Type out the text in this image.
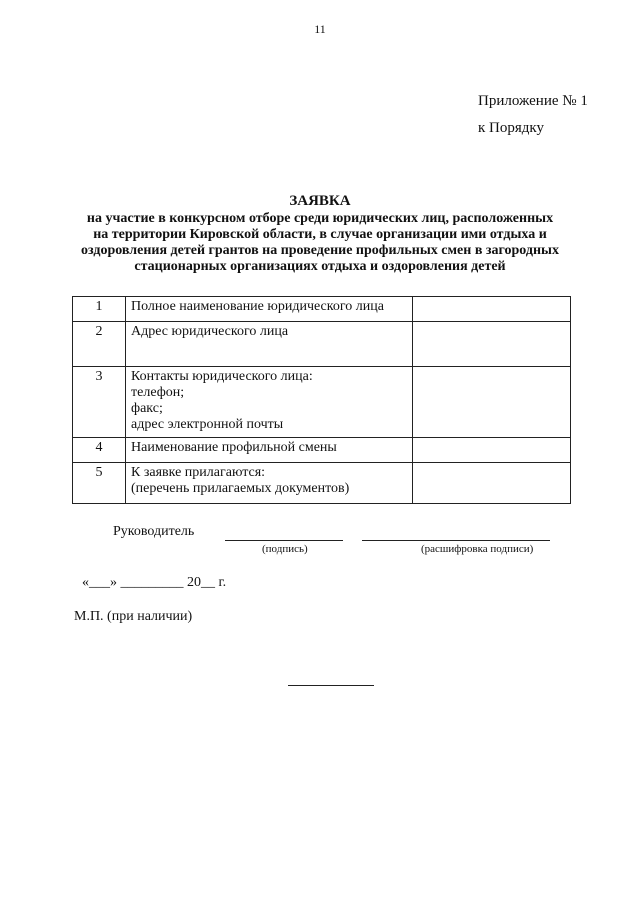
11
Приложение № 1
к Порядку
ЗАЯВКА
на участие в конкурсном отборе среди юридических лиц, расположенных
на территории Кировской области, в случае организации ими отдыха и
оздоровления детей грантов на проведение профильных смен в загородных
стационарных организациях отдыха и оздоровления детей
1	Полное наименование юридического лица	

2	Адрес юридического лица	

3	Контакты юридического лица:
телефон;
факс;
адрес электронной почты	

4	Наименование профильной смены	

5	К заявке прилагаются:
(перечень прилагаемых документов)	

Руководитель
(подпись)	(расшифровка подписи)
«___» _________ 20__ г.
М.П. (при наличии)
